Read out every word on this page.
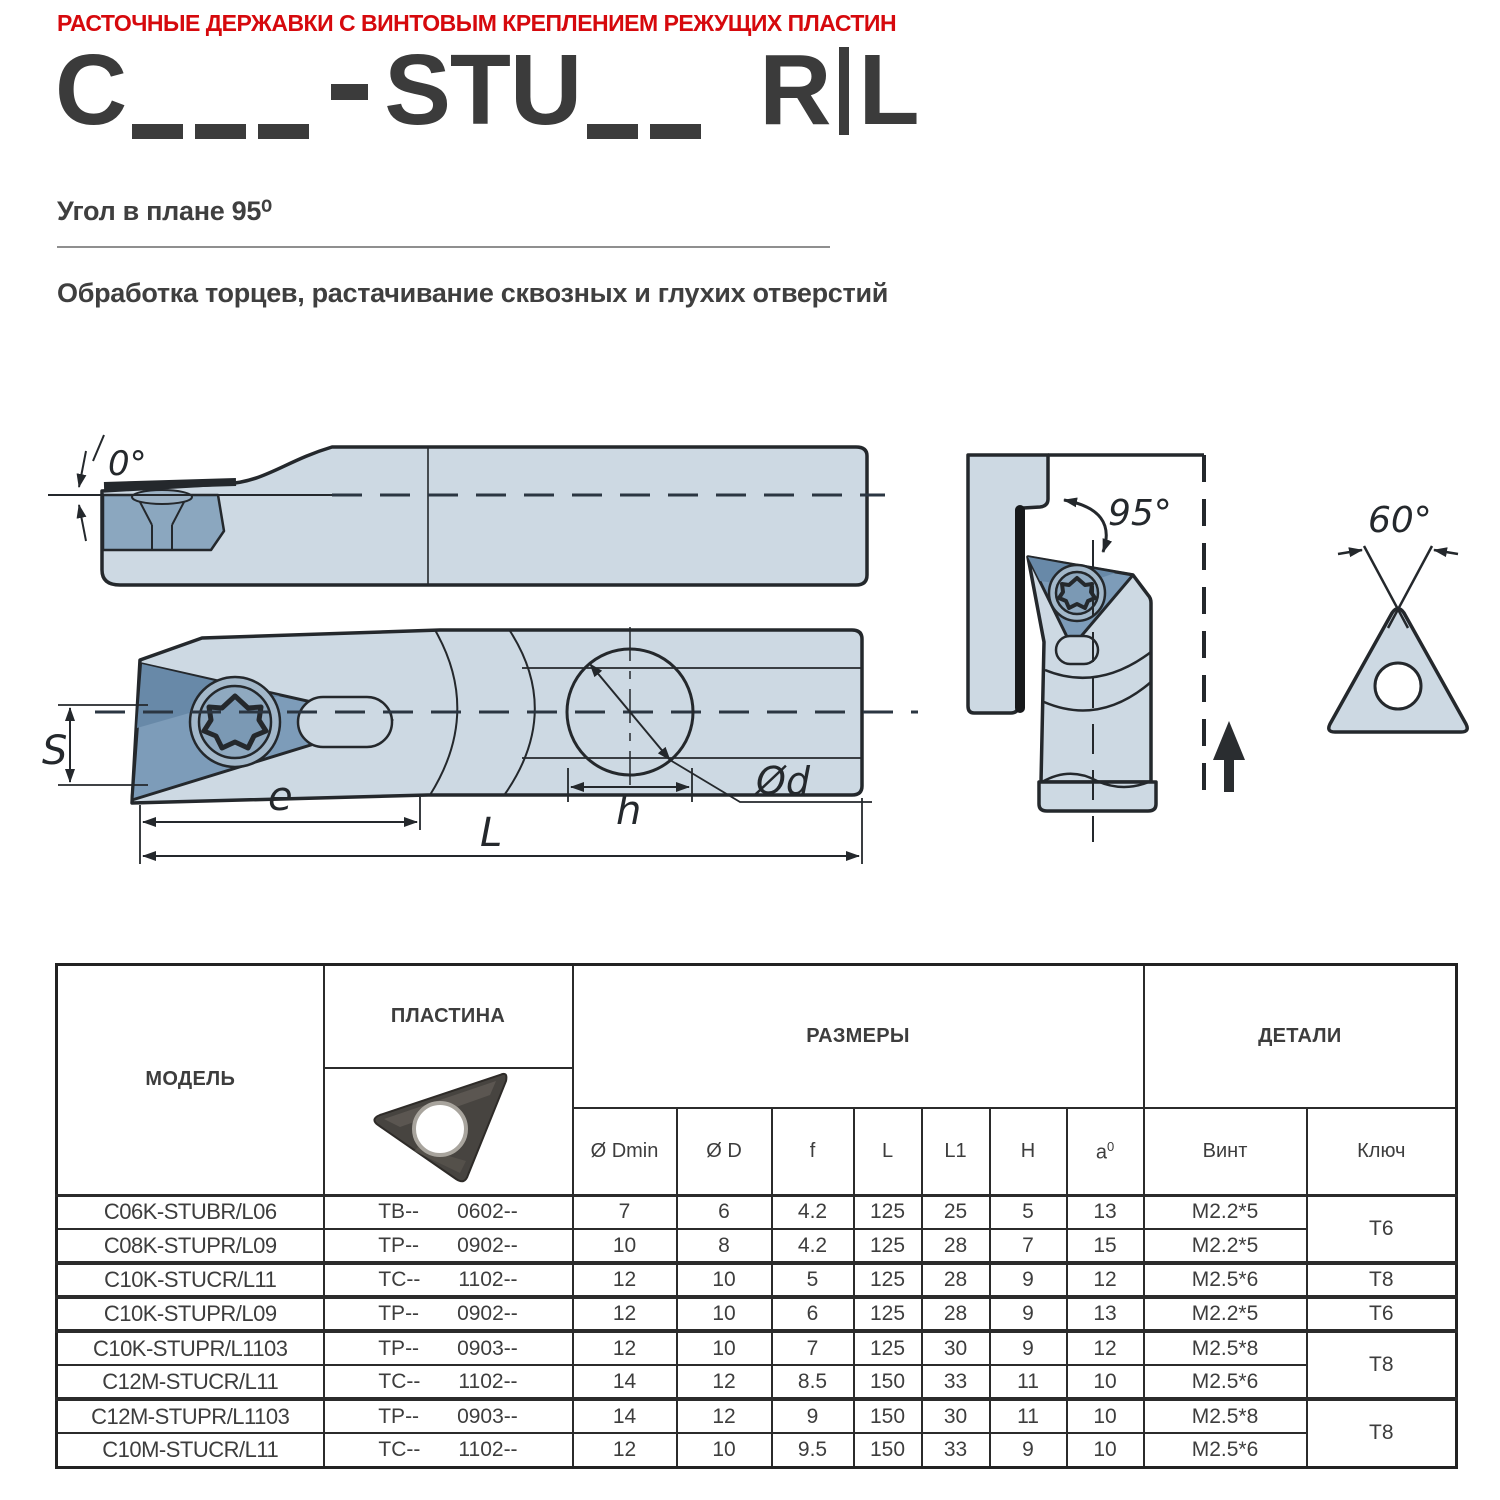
РАСТОЧНЫЕ ДЕРЖАВКИ С ВИНТОВЫМ КРЕПЛЕНИЕМ РЕЖУЩИХ ПЛАСТИН
C	STU R L
Угол в плане 95⁰
Обработка торцев, растачивание сквозных и глухих отверстий
0°
Ød
h
S
e
L
95°	60°
МОДЕЛЬ	ПЛАСТИНА	РАЗМЕРЫ							ДЕТАЛИ	

		Ø Dmin	Ø D	f	L	L1	H	$a^0$	Винт	Ключ
C06K-STUBR/L06	TB-- 0602--	7	6	4.2	125	25	5	13	M2.2*5	T6
C08K-STUPR/L09	TP-- 0902--	10	8	4.2	125	28	7	15	M2.2*5	
C10K-STUCR/L11	TC-- 1102--	12	10	5	125	28	9	12	M2.5*6	T8
C10K-STUPR/L09	TP-- 0902--	12	10	6	125	28	9	13	M2.2*5	T6
C10K-STUPR/L1103	TP-- 0903--	12	10	7	125	30	9	12	M2.5*8	T8
C12M-STUCR/L11	TC-- 1102--	14	12	8.5	150	33	11	10	M2.5*6	
C12M-STUPR/L1103	TP-- 0903--	14	12	9	150	30	11	10	M2.5*8	T8
C10M-STUCR/L11	TC-- 1102--	12	10	9.5	150	33	9	10	M2.5*6	
